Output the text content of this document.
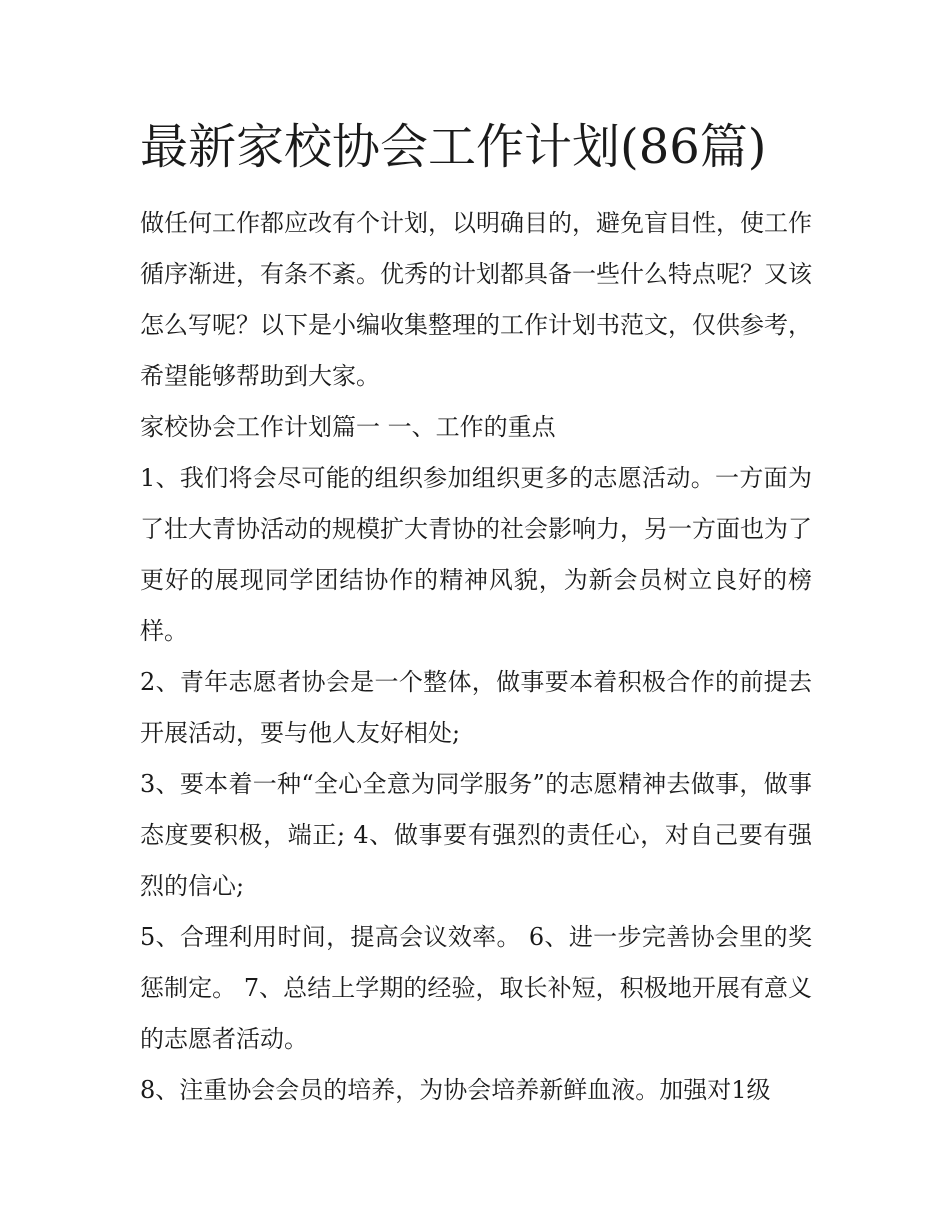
最新家校协会工作计划(86篇)

做任何工作都应改有个计划，以明确目的，避免盲目性，使工作循序渐进，有条不紊。优秀的计划都具备一些什么特点呢？又该怎么写呢？以下是小编收集整理的工作计划书范文，仅供参考，希望能够帮助到大家。

家校协会工作计划篇一 一、工作的重点

1、我们将会尽可能的组织参加组织更多的志愿活动。一方面为了壮大青协活动的规模扩大青协的社会影响力，另一方面也为了更好的展现同学团结协作的精神风貌，为新会员树立良好的榜样。

2、青年志愿者协会是一个整体，做事要本着积极合作的前提去开展活动，要与他人友好相处;

3、要本着一种“全心全意为同学服务”的志愿精神去做事，做事态度要积极，端正; 4、做事要有强烈的责任心，对自己要有强烈的信心;

5、合理利用时间，提高会议效率。 6、进一步完善协会里的奖惩制定。 7、总结上学期的经验，取长补短，积极地开展有意义的志愿者活动。

8、注重协会会员的培养，为协会培养新鲜血液。加强对1级
